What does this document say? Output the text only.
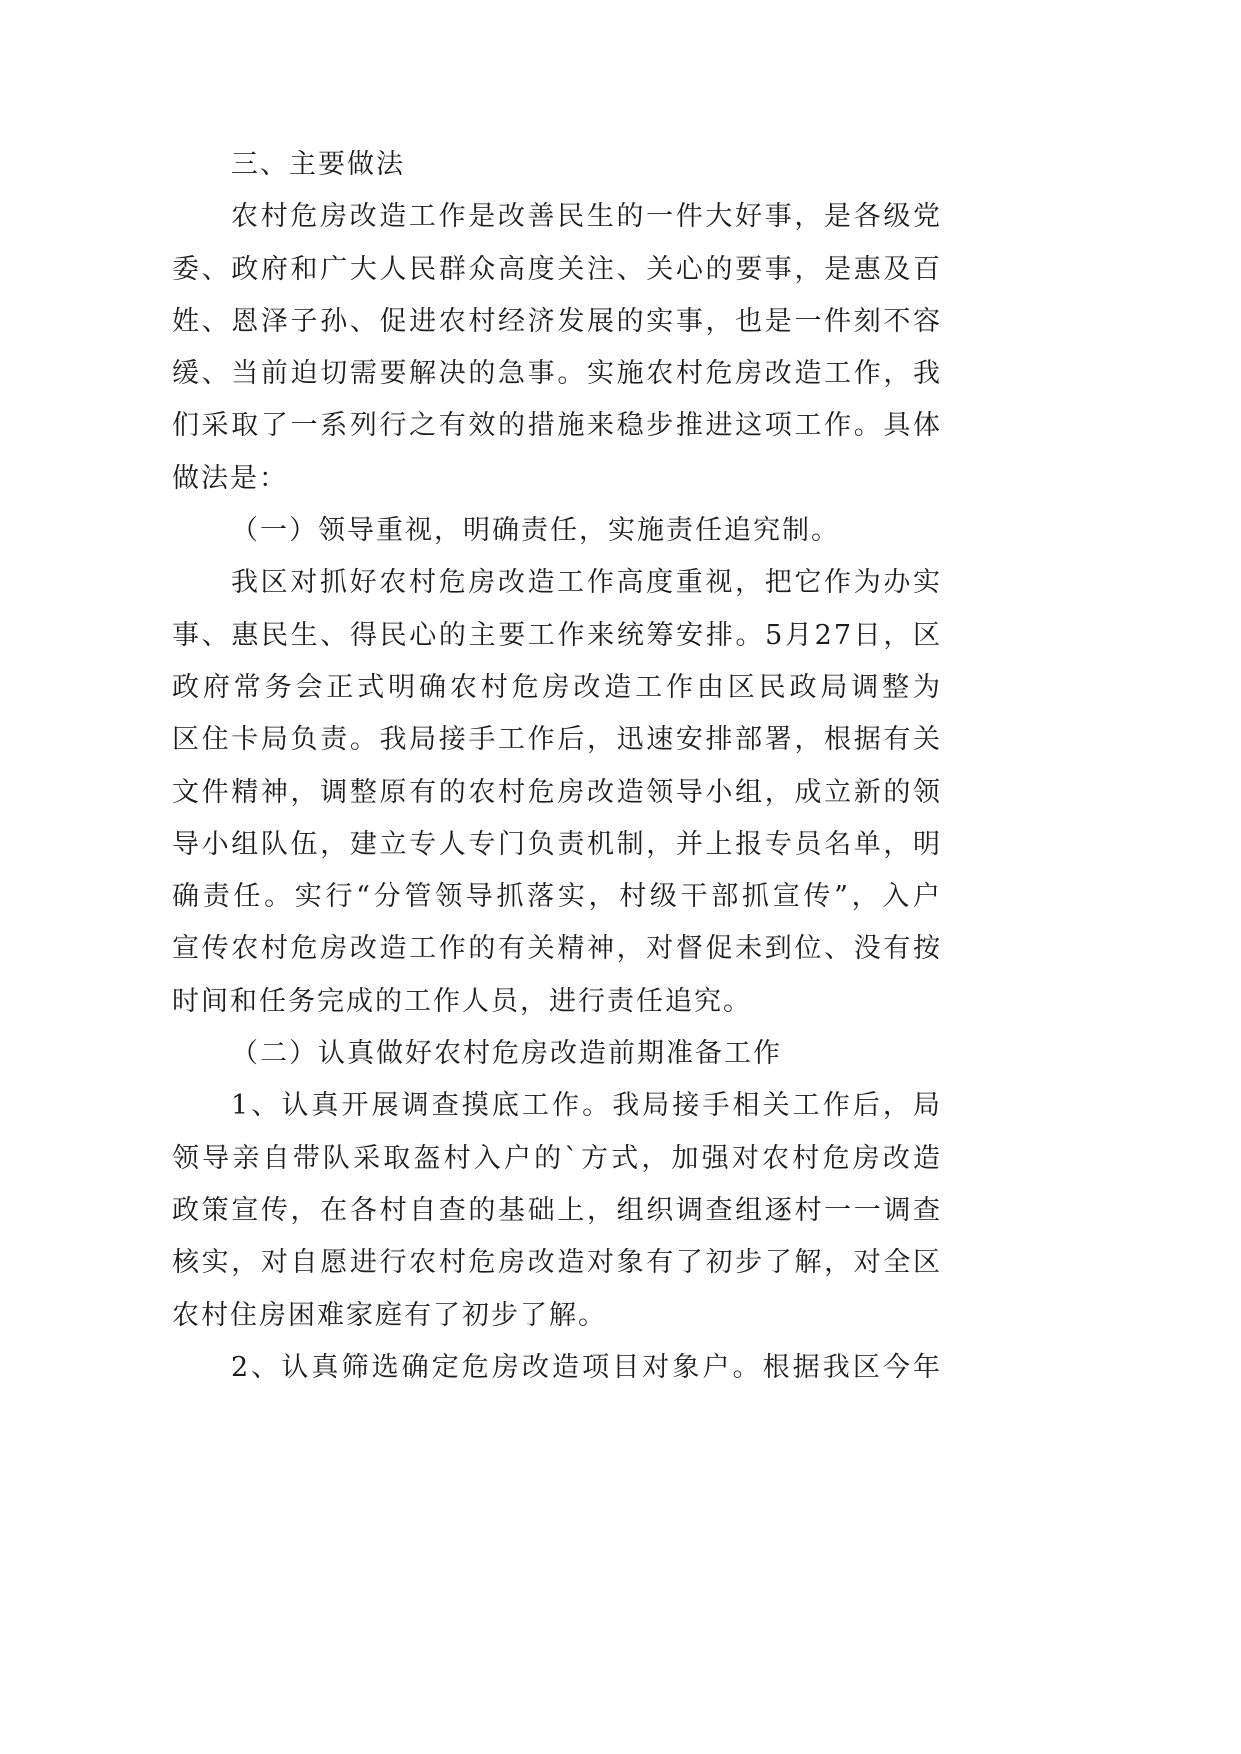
三、主要做法
农村危房改造工作是改善民生的一件大好事，是各级党
委、政府和广大人民群众高度关注、关心的要事，是惠及百
姓、恩泽子孙、促进农村经济发展的实事，也是一件刻不容
缓、当前迫切需要解决的急事。实施农村危房改造工作，我
们采取了一系列行之有效的措施来稳步推进这项工作。具体
做法是：
（一）领导重视，明确责任，实施责任追究制。
我区对抓好农村危房改造工作高度重视，把它作为办实
事、惠民生、得民心的主要工作来统筹安排。5月27日，区
政府常务会正式明确农村危房改造工作由区民政局调整为
区住卡局负责。我局接手工作后，迅速安排部署，根据有关
文件精神，调整原有的农村危房改造领导小组，成立新的领
导小组队伍，建立专人专门负责机制，并上报专员名单，明
确责任。实行“分管领导抓落实，村级干部抓宣传”，入户
宣传农村危房改造工作的有关精神，对督促未到位、没有按
时间和任务完成的工作人员，进行责任追究。
（二）认真做好农村危房改造前期准备工作
1、认真开展调查摸底工作。我局接手相关工作后，局
领导亲自带队采取盔村入户的`方式，加强对农村危房改造
政策宣传，在各村自查的基础上，组织调查组逐村一一调查
核实，对自愿进行农村危房改造对象有了初步了解，对全区
农村住房困难家庭有了初步了解。
2、认真筛选确定危房改造项目对象户。根据我区今年
